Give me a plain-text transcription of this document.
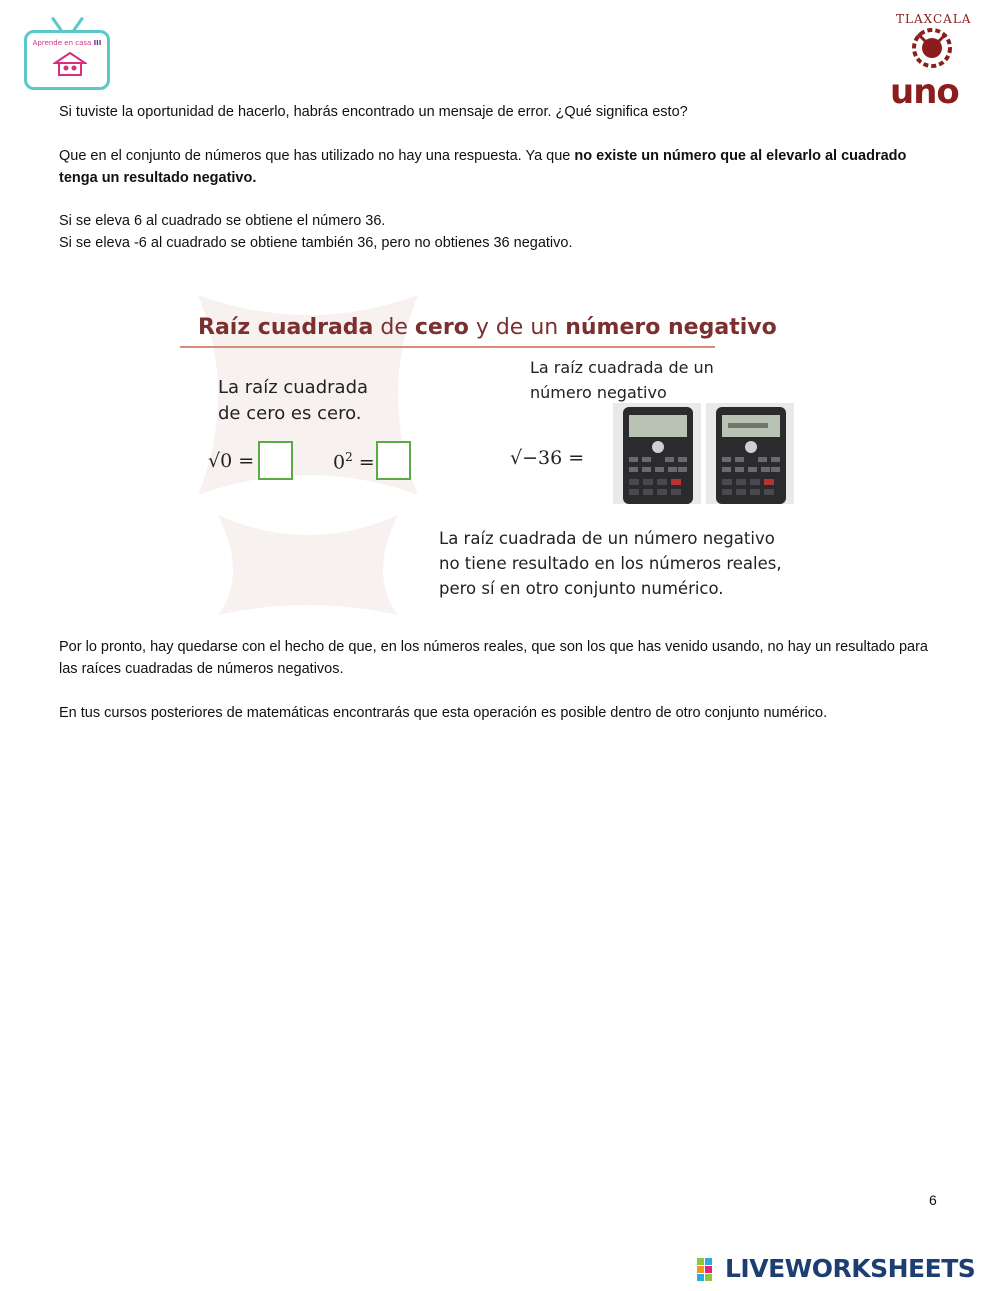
Aprende en casa III
TLAXCALA
uno
Si tuviste la oportunidad de hacerlo, habrás encontrado un mensaje de error. ¿Qué significa esto?
Que en el conjunto de números que has utilizado no hay una respuesta. Ya que no existe un número que al elevarlo al cuadrado tenga un resultado negativo.
Si se eleva 6 al cuadrado se obtiene el número 36.
Si se eleva -6 al cuadrado se obtiene también 36, pero no obtienes 36 negativo.
Raíz cuadrada de cero y de un número negativo
La raíz cuadrada
de cero es cero.
√0 =	$0^2$ =
La raíz cuadrada de un
número negativo
√−36 =
La raíz cuadrada de un número negativo
no tiene resultado en los números reales,
pero sí en otro conjunto numérico.
Por lo pronto, hay quedarse con el hecho de que, en los números reales, que son los que has venido usando, no hay un resultado para las raíces cuadradas de números negativos.
En tus cursos posteriores de matemáticas encontrarás que esta operación es posible dentro de otro conjunto numérico.
6
LIVEWORKSHEETS
